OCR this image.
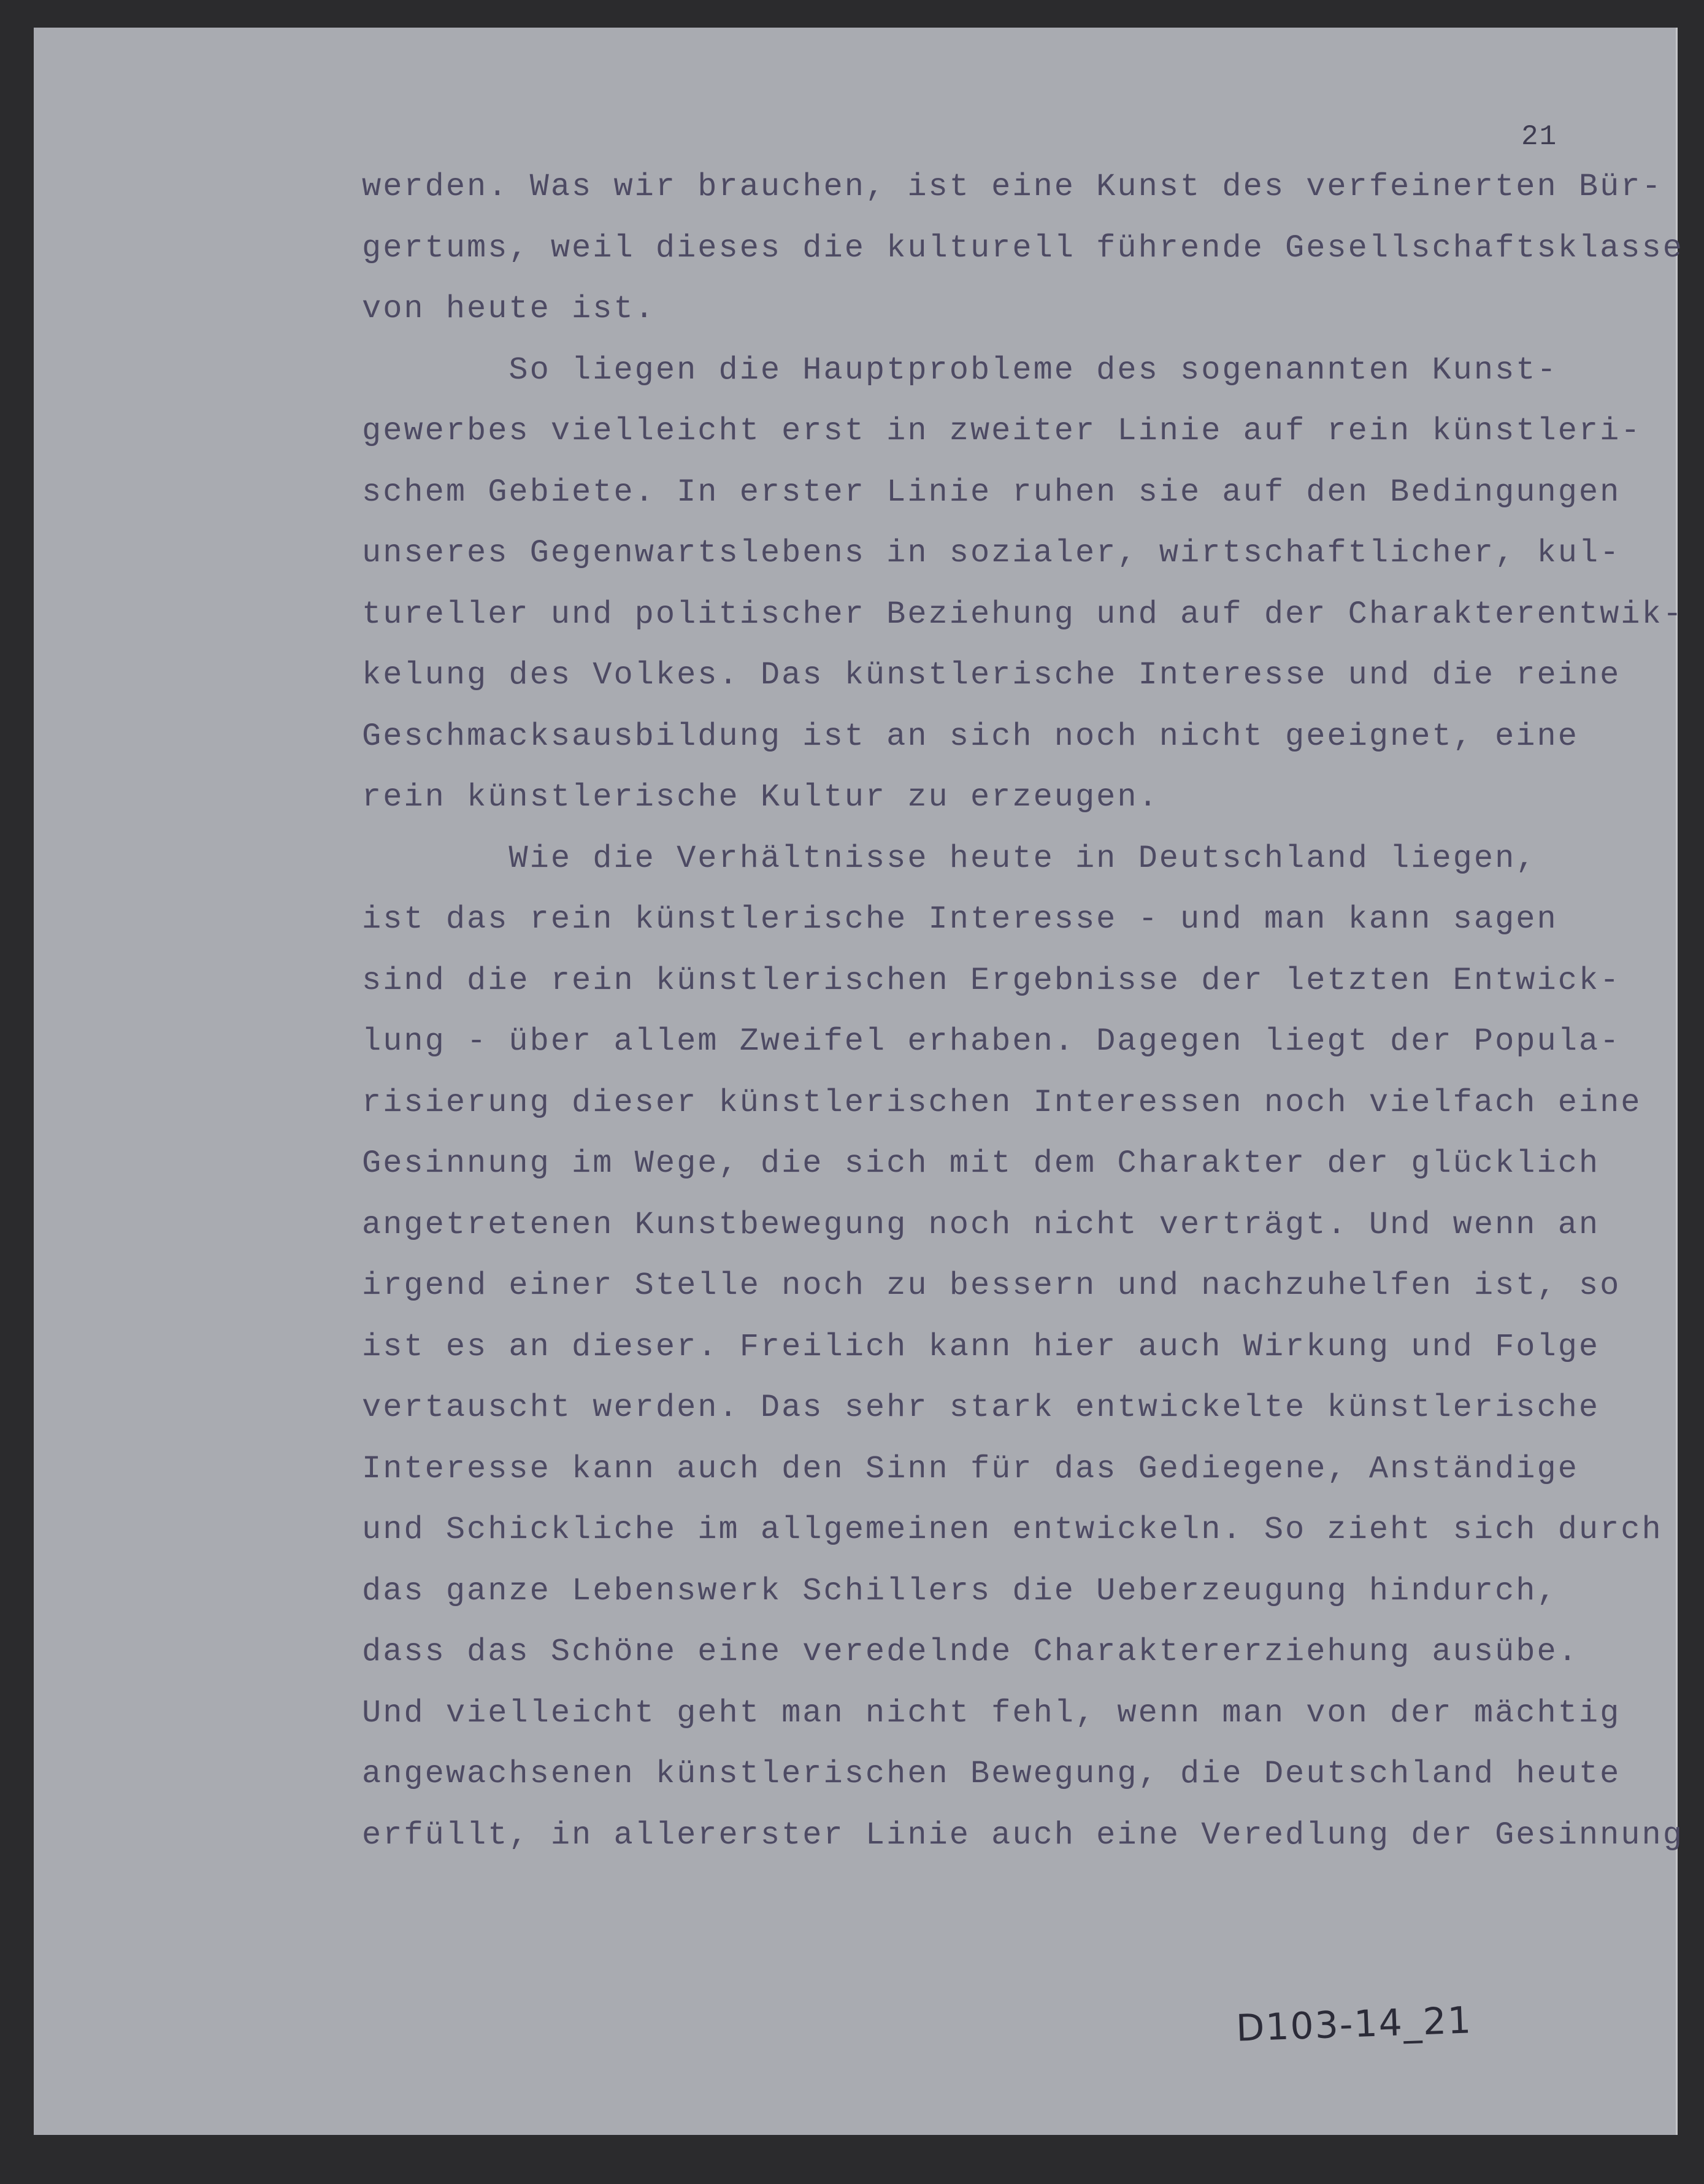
21
werden. Was wir brauchen, ist eine Kunst des verfeinerten Bür-
gertums, weil dieses die kulturell führende Gesellschaftsklasse
von heute ist.
So liegen die Hauptprobleme des sogenannten Kunst-
gewerbes vielleicht erst in zweiter Linie auf rein künstleri-
schem Gebiete. In erster Linie ruhen sie auf den Bedingungen
unseres Gegenwartslebens in sozialer, wirtschaftlicher, kul-
tureller und politischer Beziehung und auf der Charakterentwik-
kelung des Volkes. Das künstlerische Interesse und die reine
Geschmacksausbildung ist an sich noch nicht geeignet, eine
rein künstlerische Kultur zu erzeugen.
Wie die Verhältnisse heute in Deutschland liegen,
ist das rein künstlerische Interesse - und man kann sagen
sind die rein künstlerischen Ergebnisse der letzten Entwick-
lung - über allem Zweifel erhaben. Dagegen liegt der Popula-
risierung dieser künstlerischen Interessen noch vielfach eine
Gesinnung im Wege, die sich mit dem Charakter der glücklich
angetretenen Kunstbewegung noch nicht verträgt. Und wenn an
irgend einer Stelle noch zu bessern und nachzuhelfen ist, so
ist es an dieser. Freilich kann hier auch Wirkung und Folge
vertauscht werden. Das sehr stark entwickelte künstlerische
Interesse kann auch den Sinn für das Gediegene, Anständige
und Schickliche im allgemeinen entwickeln. So zieht sich durch
das ganze Lebenswerk Schillers die Ueberzeugung hindurch,
dass das Schöne eine veredelnde Charaktererziehung ausübe.
Und vielleicht geht man nicht fehl, wenn man von der mächtig
angewachsenen künstlerischen Bewegung, die Deutschland heute
erfüllt, in allererster Linie auch eine Veredlung der Gesinnung
D103-14_21
